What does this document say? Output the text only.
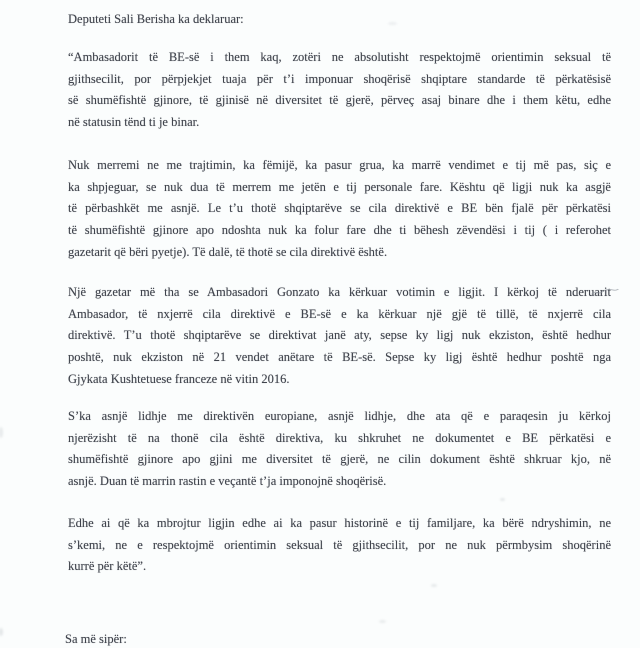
Deputeti Sali Berisha ka deklaruar:
“Ambasadorit të BE-së i them kaq, zotëri ne absolutisht respektojmë orientimin seksual të
gjithsecilit, por përpjekjet tuaja për t’i imponuar shoqërisë shqiptare standarde të përkatësisë
së shumëfishtë gjinore, të gjinisë në diversitet të gjerë, përveç asaj binare dhe i them këtu, edhe
në statusin tënd ti je binar.
Nuk merremi ne me trajtimin, ka fëmijë, ka pasur grua, ka marrë vendimet e tij më pas, siç e
ka shpjeguar, se nuk dua të merrem me jetën e tij personale fare. Kështu që ligji nuk ka asgjë
të përbashkët me asnjë. Le t’u thotë shqiptarëve se cila direktivë e BE bën fjalë për përkatësi
të shumëfishtë gjinore apo ndoshta nuk ka folur fare dhe ti bëhesh zëvendësi i tij ( i referohet
gazetarit që bëri pyetje). Të dalë, të thotë se cila direktivë është.
Një gazetar më tha se Ambasadori Gonzato ka kërkuar votimin e ligjit. I kërkoj të nderuarit
Ambasador, të nxjerrë cila direktivë e BE-së e ka kërkuar një gjë të tillë, të nxjerrë cila
direktivë. T’u thotë shqiptarëve se direktivat janë aty, sepse ky ligj nuk ekziston, është hedhur
poshtë, nuk ekziston në 21 vendet anëtare të BE-së. Sepse ky ligj është hedhur poshtë nga
Gjykata Kushtetuese franceze në vitin 2016.
S’ka asnjë lidhje me direktivën europiane, asnjë lidhje, dhe ata që e paraqesin ju kërkoj
njerëzisht të na thonë cila është direktiva, ku shkruhet ne dokumentet e BE përkatësi e
shumëfishtë gjinore apo gjini me diversitet të gjerë, ne cilin dokument është shkruar kjo, në
asnjë. Duan të marrin rastin e veçantë t’ja imponojnë shoqërisë.
Edhe ai që ka mbrojtur ligjin edhe ai ka pasur historinë e tij familjare, ka bërë ndryshimin, ne
s’kemi, ne e respektojmë orientimin seksual të gjithsecilit, por ne nuk përmbysim shoqërinë
kurrë për këtë”.
Sa më sipër:
